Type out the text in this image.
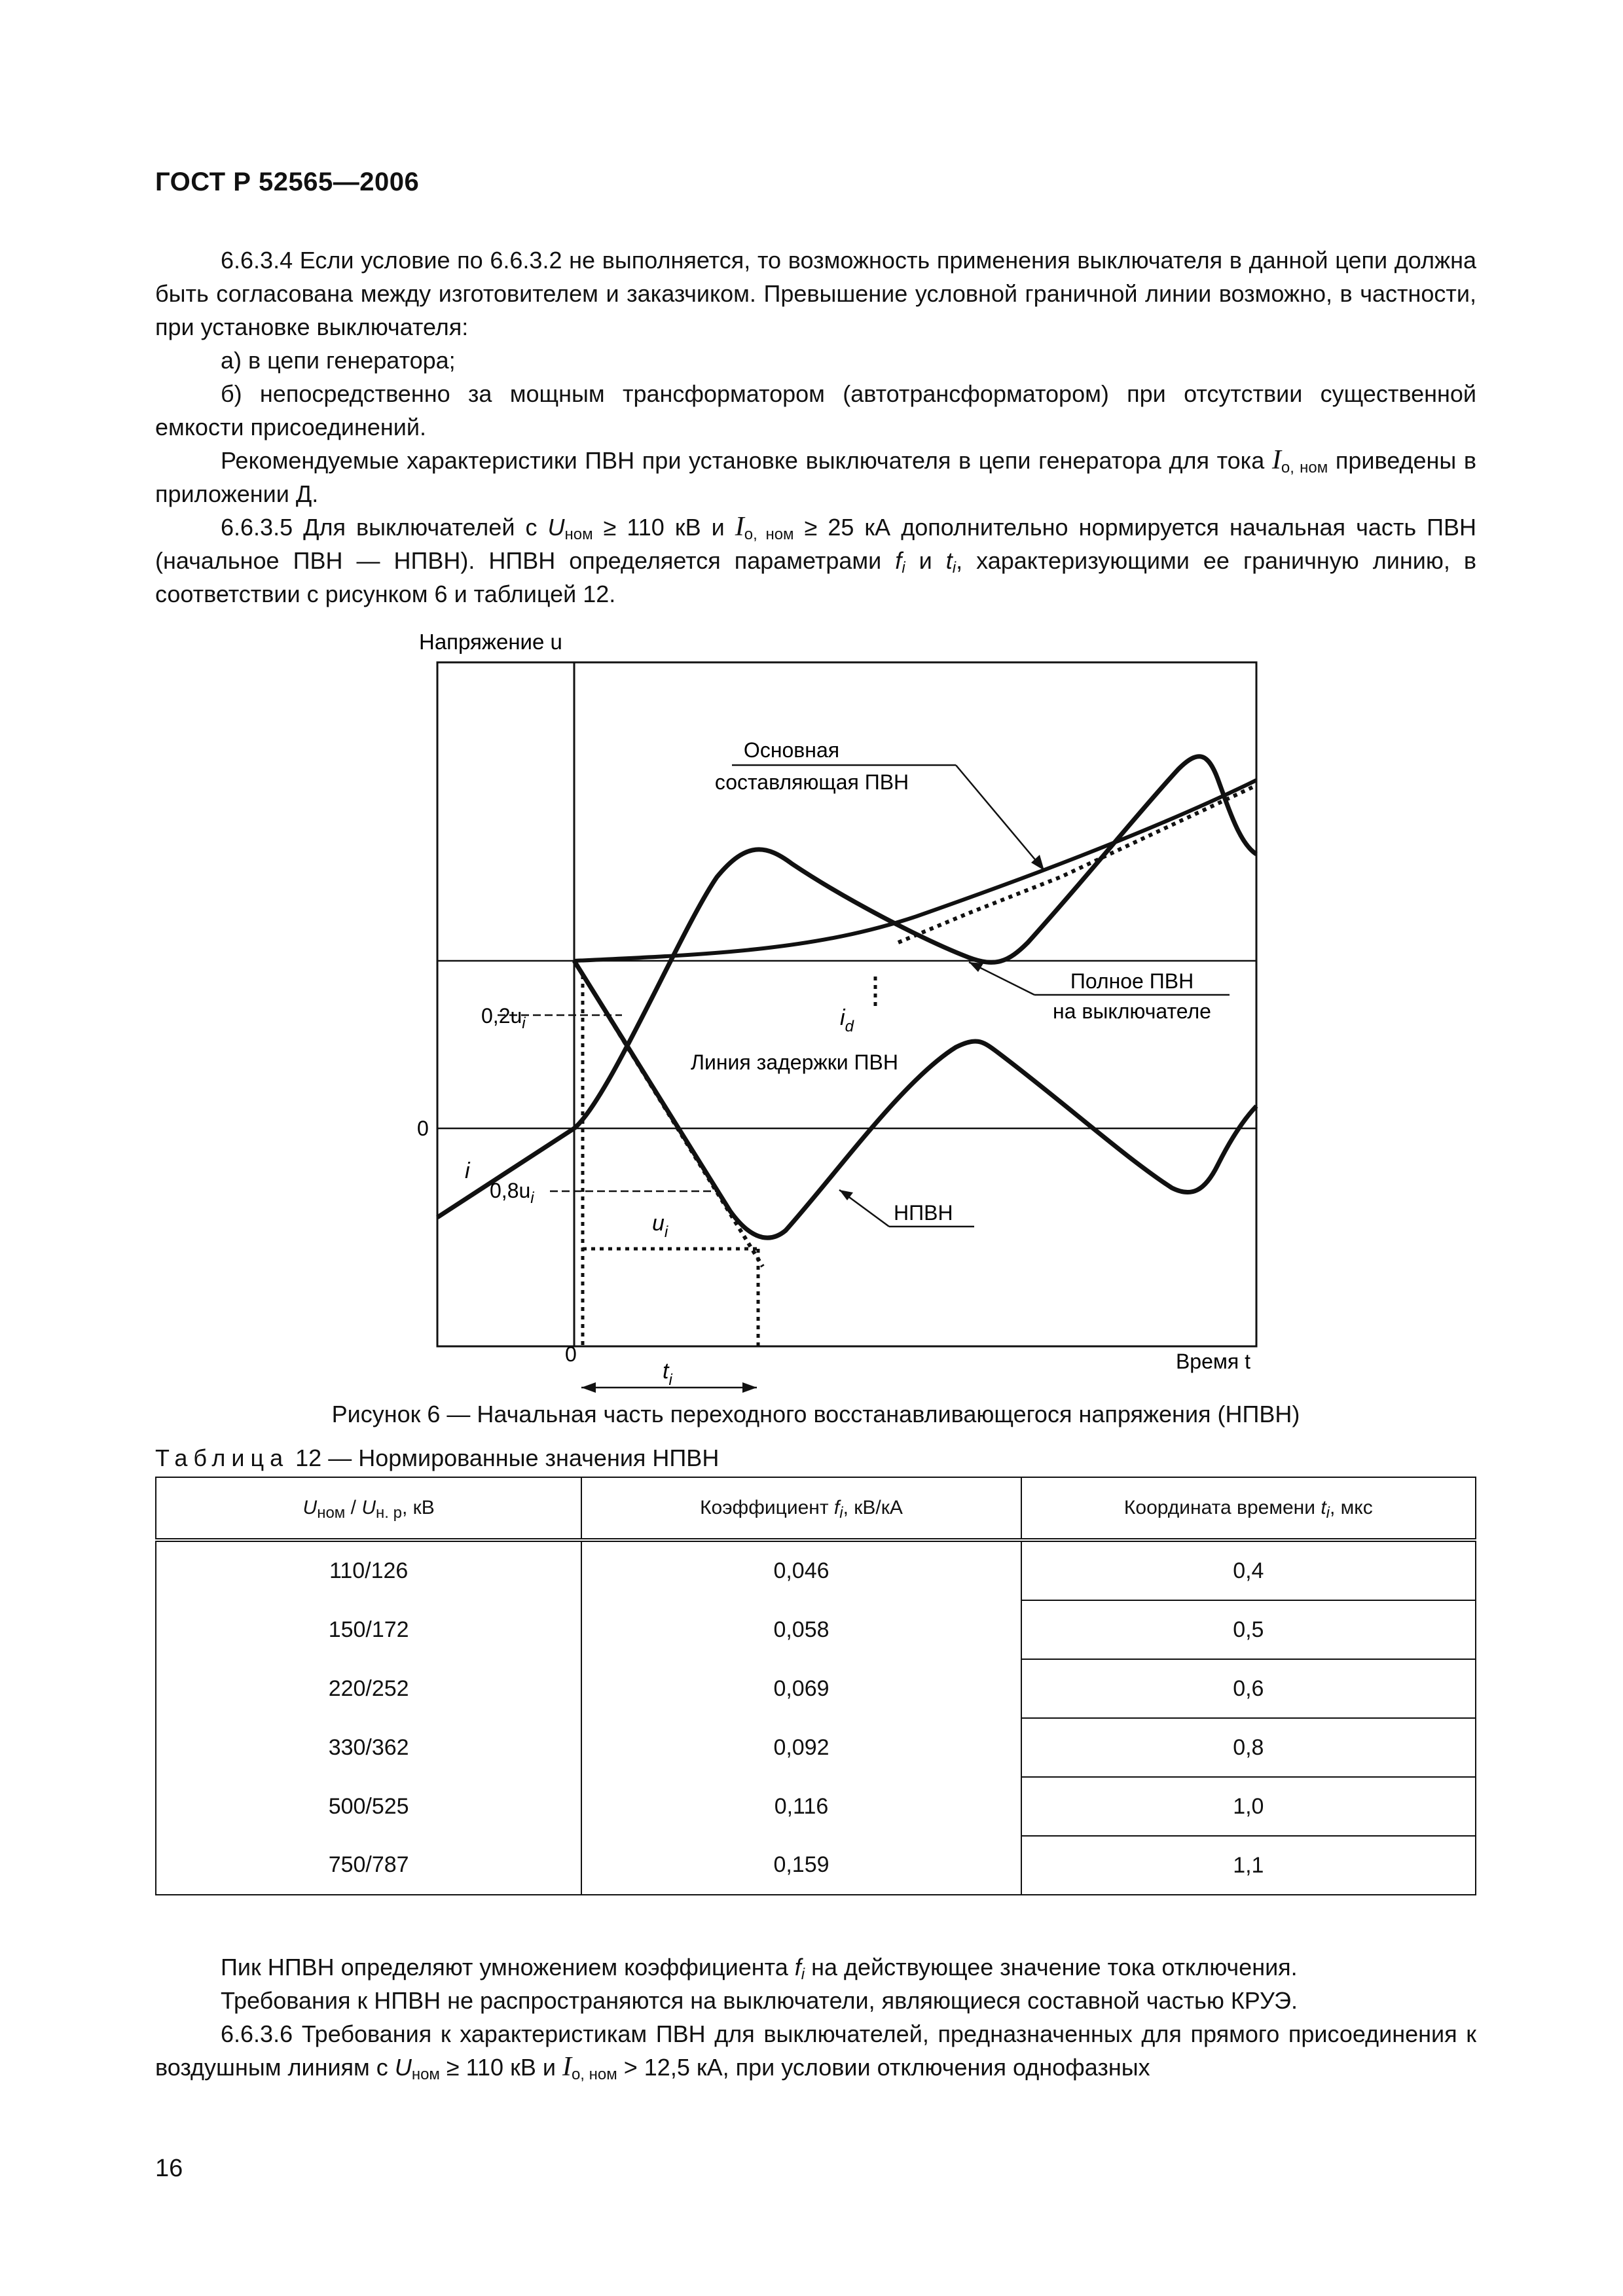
ГОСТ Р 52565—2006
6.6.3.4 Если условие по 6.6.3.2 не выполняется, то возможность применения выключателя в данной цепи должна быть согласована между изготовителем и заказчиком. Превышение условной граничной линии возможно, в частности, при установке выключателя:
а) в цепи генератора;
б) непосредственно за мощным трансформатором (автотрансформатором) при отсутствии существенной емкости присоединений.
Рекомендуемые характеристики ПВН при установке выключателя в цепи генератора для тока $I_{о, ном}$ приведены в приложении Д.
6.6.3.5 Для выключателей с $U_{ном} \ge 110$ кВ и $I_{о, ном} \ge 25$ кА дополнительно нормируется начальная часть ПВН (начальное ПВН — НПВН). НПВН определяется параметрами $f_i$ и $t_i$, характеризующими ее граничную линию, в соответствии с рисунком 6 и таблицей 12.
Напряжение u
Основная
составляющая ПВН
Полное ПВН
на выключателе
Линия задержки ПВН
НПВН
$0,2u_i$
$0,8u_i$
$i_d$
i
$u_i$
$t_i$
0
0	Время t
Рисунок 6 — Начальная часть переходного восстанавливающегося напряжения (НПВН)
Таблица 12 — Нормированные значения НПВН
$U_{ном} / U_{н. р}$, кВ	Коэффициент $f_i$, кВ/кА	Координата времени $t_i$, мкс
110/126	0,046	0,4
150/172	0,058	0,5
220/252	0,069	0,6
330/362	0,092	0,8
500/525	0,116	1,0
750/787	0,159	1,1
Пик НПВН определяют умножением коэффициента $f_i$ на действующее значение тока отключения.
Требования к НПВН не распространяются на выключатели, являющиеся составной частью КРУЭ.
6.6.3.6 Требования к характеристикам ПВН для выключателей, предназначенных для прямого присоединения к воздушным линиям с $U_{ном} \ge 110$ кВ и $I_{о, ном} > 12,5$ кА, при условии отключения однофазных
16
